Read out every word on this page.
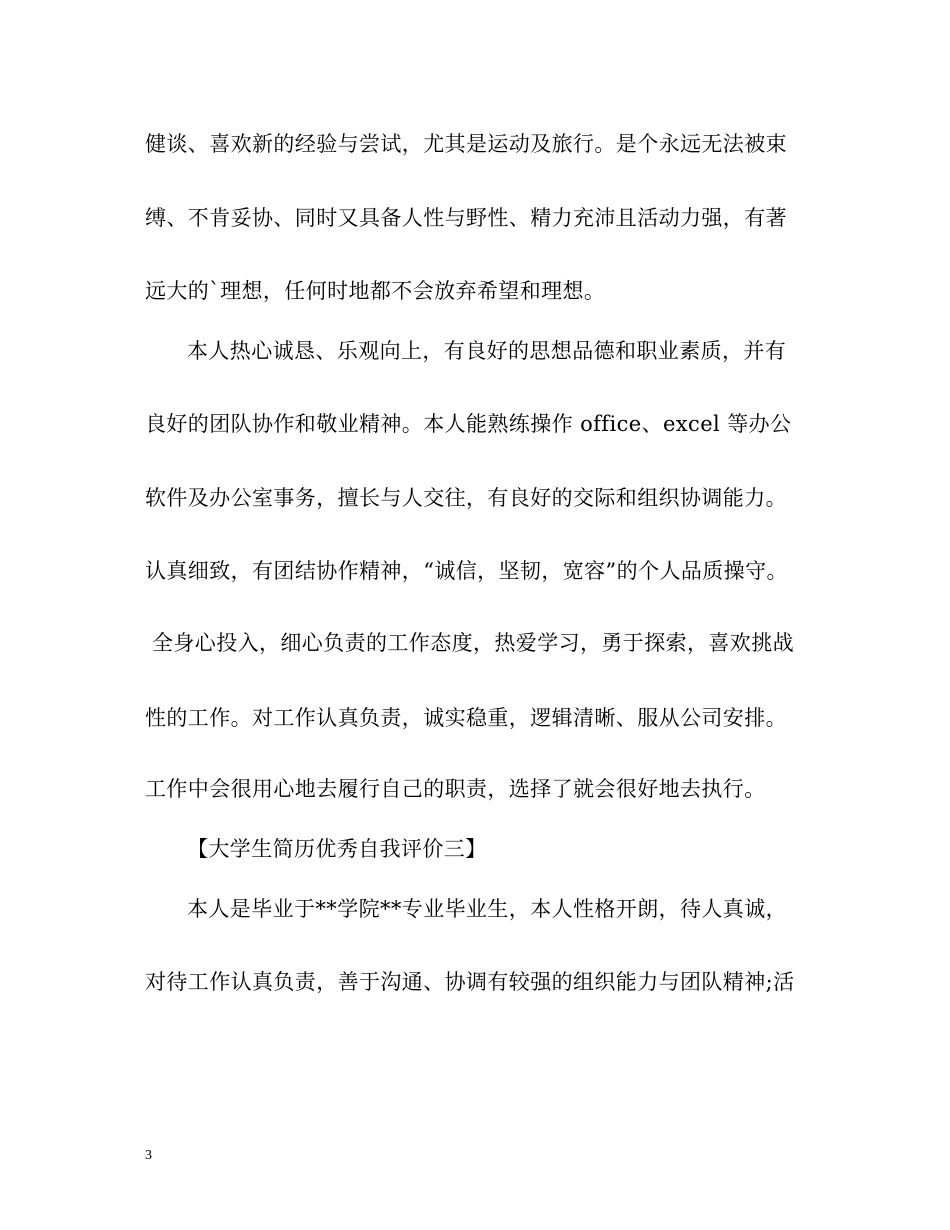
健谈、喜欢新的经验与尝试，尤其是运动及旅行。是个永远无法被束
缚、不肯妥协、同时又具备人性与野性、精力充沛且活动力强，有著
远大的`理想，任何时地都不会放弃希望和理想。
本人热心诚恳、乐观向上，有良好的思想品德和职业素质，并有
良好的团队协作和敬业精神。本人能熟练操作 office、excel 等办公
软件及办公室事务，擅长与人交往，有良好的交际和组织协调能力。
认真细致，有团结协作精神，“诚信，坚韧，宽容”的个人品质操守。
全身心投入，细心负责的工作态度，热爱学习，勇于探索，喜欢挑战
性的工作。对工作认真负责，诚实稳重，逻辑清晰、服从公司安排。
工作中会很用心地去履行自己的职责，选择了就会很好地去执行。
【大学生简历优秀自我评价三】
本人是毕业于**学院**专业毕业生，本人性格开朗，待人真诚，
对待工作认真负责，善于沟通、协调有较强的组织能力与团队精神;活
3
